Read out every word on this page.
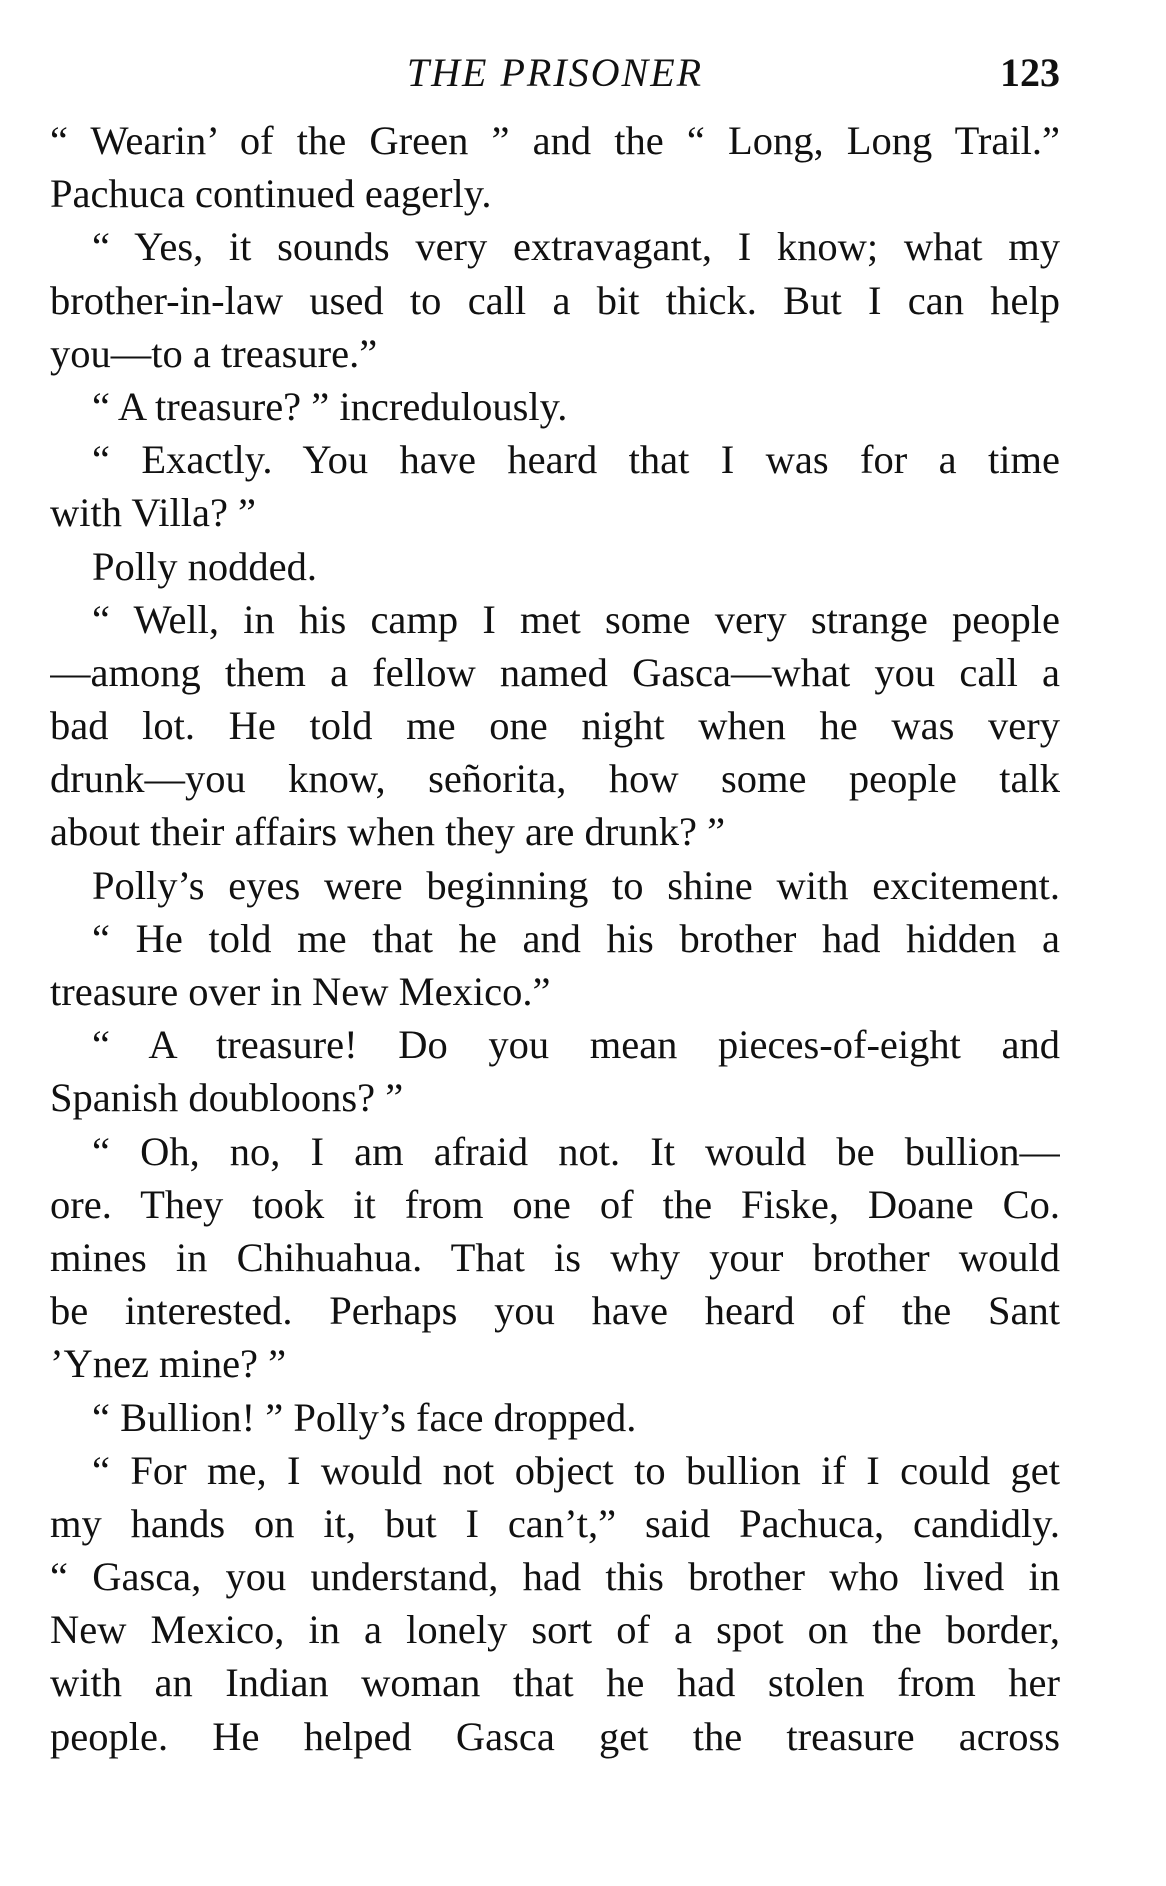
THE PRISONER	123
“ Wearin’ of the Green ” and the “ Long, Long Trail.”
Pachuca continued eagerly.
“ Yes, it sounds very extravagant, I know; what my
brother-in-law used to call a bit thick. But I can help
you—to a treasure.”
“ A treasure? ” incredulously.
“ Exactly. You have heard that I was for a time
with Villa? ”
Polly nodded.
“ Well, in his camp I met some very strange people
—among them a fellow named Gasca—what you call a
bad lot. He told me one night when he was very
drunk—you know, señorita, how some people talk
about their affairs when they are drunk? ”
Polly’s eyes were beginning to shine with excitement.
“ He told me that he and his brother had hidden a
treasure over in New Mexico.”
“ A treasure! Do you mean pieces-of-eight and
Spanish doubloons? ”
“ Oh, no, I am afraid not. It would be bullion—
ore. They took it from one of the Fiske, Doane Co.
mines in Chihuahua. That is why your brother would
be interested. Perhaps you have heard of the Sant
’Ynez mine? ”
“ Bullion! ” Polly’s face dropped.
“ For me, I would not object to bullion if I could get
my hands on it, but I can’t,” said Pachuca, candidly.
“ Gasca, you understand, had this brother who lived in
New Mexico, in a lonely sort of a spot on the border,
with an Indian woman that he had stolen from her
people. He helped Gasca get the treasure across
